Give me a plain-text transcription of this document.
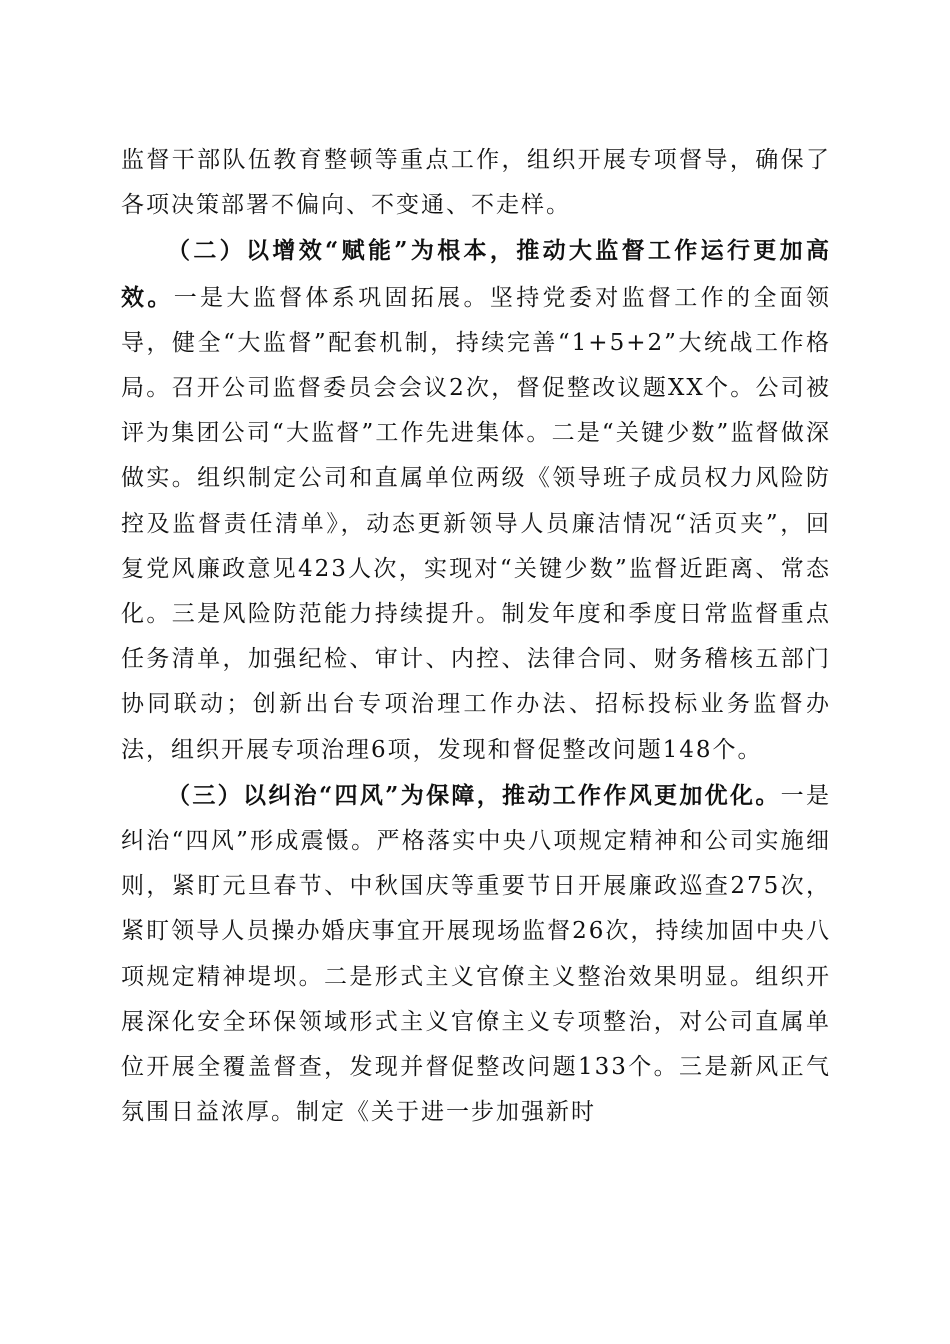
监督干部队伍教育整顿等重点工作，组织开展专项督导，确保了各项决策部署不偏向、不变通、不走样。

（二）以增效“赋能”为根本，推动大监督工作运行更加高效。一是大监督体系巩固拓展。坚持党委对监督工作的全面领导，健全“大监督”配套机制，持续完善“1+5+2”大统战工作格局。召开公司监督委员会会议2次，督促整改议题XX个。公司被评为集团公司“大监督”工作先进集体。二是“关键少数”监督做深做实。组织制定公司和直属单位两级《领导班子成员权力风险防控及监督责任清单》，动态更新领导人员廉洁情况“活页夹”，回复党风廉政意见423人次，实现对“关键少数”监督近距离、常态化。三是风险防范能力持续提升。制发年度和季度日常监督重点任务清单，加强纪检、审计、内控、法律合同、财务稽核五部门协同联动；创新出台专项治理工作办法、招标投标业务监督办法，组织开展专项治理6项，发现和督促整改问题148个。

（三）以纠治“四风”为保障，推动工作作风更加优化。一是纠治“四风”形成震慑。严格落实中央八项规定精神和公司实施细则，紧盯元旦春节、中秋国庆等重要节日开展廉政巡查275次，紧盯领导人员操办婚庆事宜开展现场监督26次，持续加固中央八项规定精神堤坝。二是形式主义官僚主义整治效果明显。组织开展深化安全环保领域形式主义官僚主义专项整治，对公司直属单位开展全覆盖督查，发现并督促整改问题133个。三是新风正气氛围日益浓厚。制定《关于进一步加强新时
